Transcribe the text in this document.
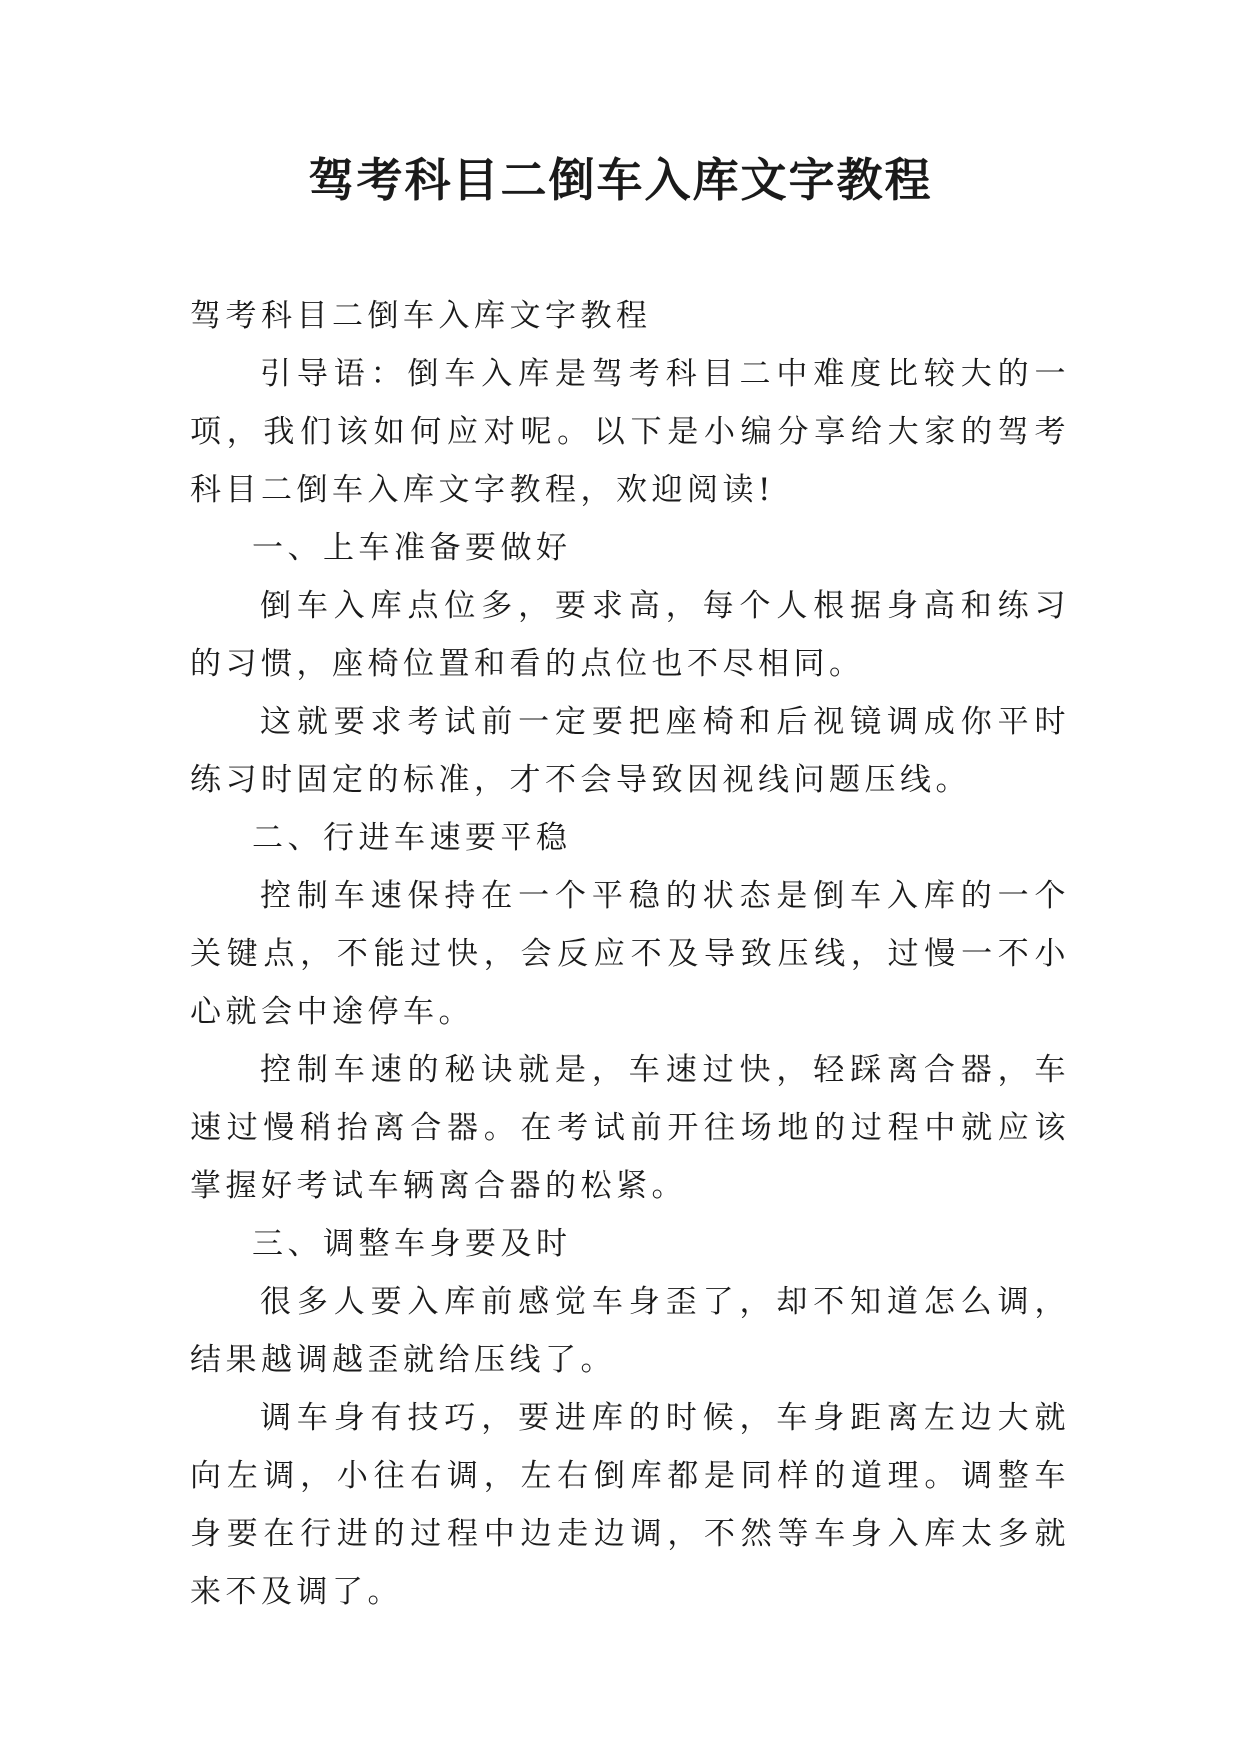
驾考科目二倒车入库文字教程

驾考科目二倒车入库文字教程

引导语：倒车入库是驾考科目二中难度比较大的一项，我们该如何应对呢。以下是小编分享给大家的驾考科目二倒车入库文字教程，欢迎阅读!

一、上车准备要做好

倒车入库点位多，要求高，每个人根据身高和练习的习惯，座椅位置和看的点位也不尽相同。

这就要求考试前一定要把座椅和后视镜调成你平时练习时固定的标准，才不会导致因视线问题压线。

二、行进车速要平稳

控制车速保持在一个平稳的状态是倒车入库的一个关键点，不能过快，会反应不及导致压线，过慢一不小心就会中途停车。

控制车速的秘诀就是，车速过快，轻踩离合器，车速过慢稍抬离合器。在考试前开往场地的过程中就应该掌握好考试车辆离合器的松紧。

三、调整车身要及时

很多人要入库前感觉车身歪了，却不知道怎么调，结果越调越歪就给压线了。

调车身有技巧，要进库的时候，车身距离左边大就向左调，小往右调，左右倒库都是同样的道理。调整车身要在行进的过程中边走边调，不然等车身入库太多就来不及调了。
